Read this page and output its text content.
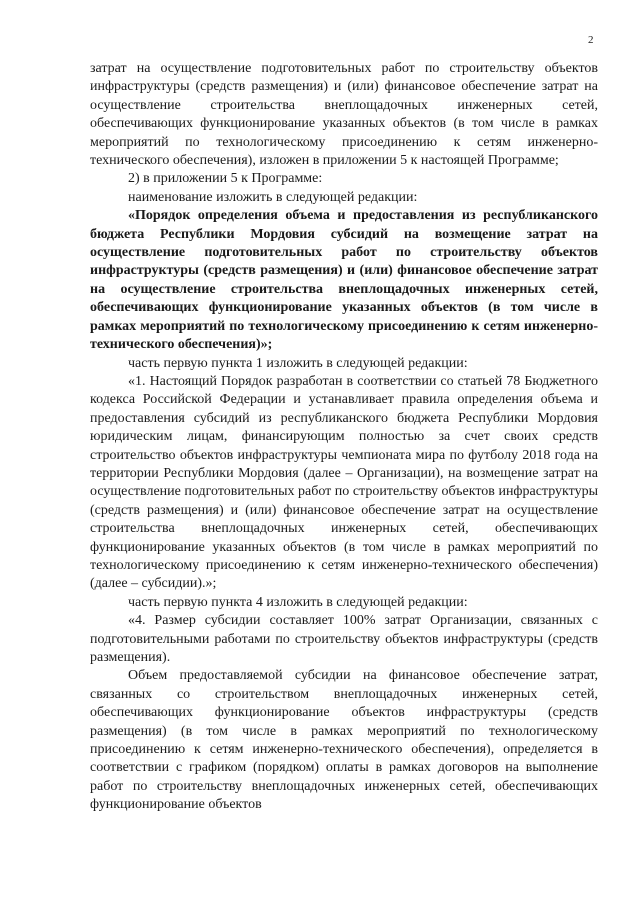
2

затрат на осуществление подготовительных работ по строительству объектов инфраструктуры (средств размещения) и (или) финансовое обеспечение затрат на осуществление строительства внеплощадочных инженерных сетей, обеспечивающих функционирование указанных объектов (в том числе в рамках мероприятий по технологическому присоединению к сетям инженерно-технического обеспечения), изложен в приложении 5 к настоящей Программе;

2) в приложении 5 к Программе:

наименование изложить в следующей редакции:

«Порядок определения объема и предоставления из республиканского бюджета Республики Мордовия субсидий на возмещение затрат на осуществление подготовительных работ по строительству объектов инфраструктуры (средств размещения) и (или) финансовое обеспечение затрат на осуществление строительства внеплощадочных инженерных сетей, обеспечивающих функционирование указанных объектов (в том числе в рамках мероприятий по технологическому присоединению к сетям инженерно-технического обеспечения)»;

часть первую пункта 1 изложить в следующей редакции:

«1. Настоящий Порядок разработан в соответствии со статьей 78 Бюджетного кодекса Российской Федерации и устанавливает правила определения объема и предоставления субсидий из республиканского бюджета Республики Мордовия юридическим лицам, финансирующим полностью за счет своих средств строительство объектов инфраструктуры чемпионата мира по футболу 2018 года на территории Республики Мордовия (далее – Организации), на возмещение затрат на осуществление подготовительных работ по строительству объектов инфраструктуры (средств размещения) и (или) финансовое обеспечение затрат на осуществление строительства внеплощадочных инженерных сетей, обеспечивающих функционирование указанных объектов (в том числе в рамках мероприятий по технологическому присоединению к сетям инженерно-технического обеспечения) (далее – субсидии).»;

часть первую пункта 4 изложить в следующей редакции:

«4. Размер субсидии составляет 100% затрат Организации, связанных с подготовительными работами по строительству объектов инфраструктуры (средств размещения).

Объем предоставляемой субсидии на финансовое обеспечение затрат, связанных со строительством внеплощадочных инженерных сетей, обеспечивающих функционирование объектов инфраструктуры (средств размещения) (в том числе в рамках мероприятий по технологическому присоединению к сетям инженерно-технического обеспечения), определяется в соответствии с графиком (порядком) оплаты в рамках договоров на выполнение работ по строительству внеплощадочных инженерных сетей, обеспечивающих функционирование объектов
